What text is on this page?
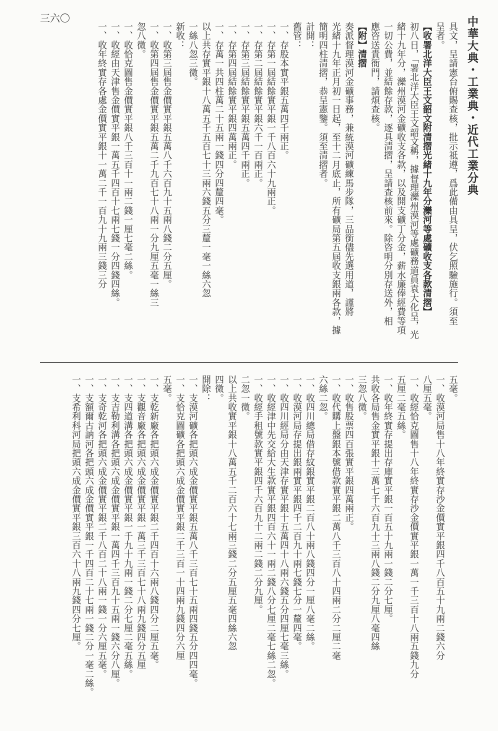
中華大典・工業典・近代工業分典
三六〇
具文，呈請憲台俯賜查核，批示祗遵，爲此備由具呈，伏乞照驗施行。須至
呈者。
【收署北洋大臣王文韶文附清摺光緒十九年分灤河等處礦收支各款清摺】
初八日，「署北洋大臣王文韶文稱，據督理灤州漠河等處礦務道員袁大化呈，光
緒十九年分，灤州漠河金礦收支各款，以及開支礦丁分金，薪水廉俸經費等項
一切公費，並結餘存款，逐具清摺，呈請查核前來。除咨明分別存送外，相
應咨送貴衙門，請煩查核。
【附】清摺
奏派督理漠河金礦事務，兼統漠河礦練馬步隊，三品銜儘先選用道，謹將
光緒十九年正月初一日起，至十二月底止，所有礦局第五屆收支銀兩各款，據
簡明四柱清摺，恭呈憲鑒。須至清摺者。
計開：
舊管：
一、存股本實平銀五萬四千兩正。
一、存第一屆結餘實平銀一千八百六十九兩正。
一、存第二屆結餘實平銀六千一百兩正。
一、存第三屆結餘實平銀五萬四千兩正。
一、存第四屆結餘實平銀四萬兩正。
一、存萬一共四柱萬二十五兩一錢四分四釐四毫。
以上共存實平銀十八萬五千五百七十三兩六錢五分三釐一毫一絲六忽
一絲八忽三微。
新收：
一、收第三屆售金價實平銀五萬八千六百九十五兩八錢二分五厘。
一、收第四屆售金價實平銀五萬二千九百七十八兩一分九厘五毫一絲三
忽八微。
一、收恰克圖售金價實平銀八千三百十一兩二錢一厘七毫二絲。
一、收經由天津售金價實平銀一萬五千四百十七兩七錢一分四錢四絲。
一、收年終實存各處金價實平銀十一萬二千一百九十九兩三錢三分
五毫。
一、收漠河局售十八年終實存沙金價實平銀四千八百五十九兩二錢六分
八厘五毫。
一、收經恰克圖售十八年終實存沙金價實平銀一萬一千三百十八兩五錢九分
五厘二毫五絲。
一、收年終實存提出存庫實平銀一百五十九兩一錢二分七厘。
共收各局售金實平銀十三萬七千六百九十三兩八錢二分九厘八毫四絲
三忽八微。
一、收售股票四百張實平銀四萬兩正。
一、收代購上盤銀本號借款實平銀二萬八千三百八十四兩二分二厘二毫
六絲二忽。
一、收四川總局借存紋銀實平銀二百八十兩八錢四分一厘八毫二絲。
一、收漠河局存提出銀兩實平銀四千二百九十兩七錢七分一釐四毫。
一、收四川經局分由天津存實平銀十五萬四十八兩六錢五分四厘七毫三絲。
一、收經津中先交給大生款實平銀四百六十一兩二錢八分七厘二毫七絲二忽。
一、收經手租號款實平銀四千六百九十二兩二錢二分九厘。
二忽一微。
以上共收實平銀十八萬五千二百六十七兩三錢二分五厘五毫四絲六忽
四微。
開除：
一、支漠河礦各把頭六成金價實平銀五萬八千三百七十五兩四錢五分四四毫。
一、支恰克圖礦各把頭六成金價實平銀二千三百一十四兩九錢四分六厘
五毫。
一、支乾新廠各把頭六成金價實平銀二千四百十六兩八錢四分二厘五毫。
一、支觀音廠各把頭六成金價實平銀一萬三千三百七十八兩九錢四分五厘
一、支四道溝各把頭六成金價實平銀一千九十九兩一錢二分七厘二毫五絲。
一、支吉勒利溝各把頭六成金價實平銀一萬四千三百九十五兩一錢六分八厘。
一、支奇乾河各把頭六成金價實平銀二千八百二十八兩一錢一分六厘五毫。
一、支額爾古訥河各把頭六成金價實平銀一千四百二十七兩一錢二分一毫二絲。
一、支希利科河局把頭六成金價實平銀三百六十八兩九錢四分七厘。
